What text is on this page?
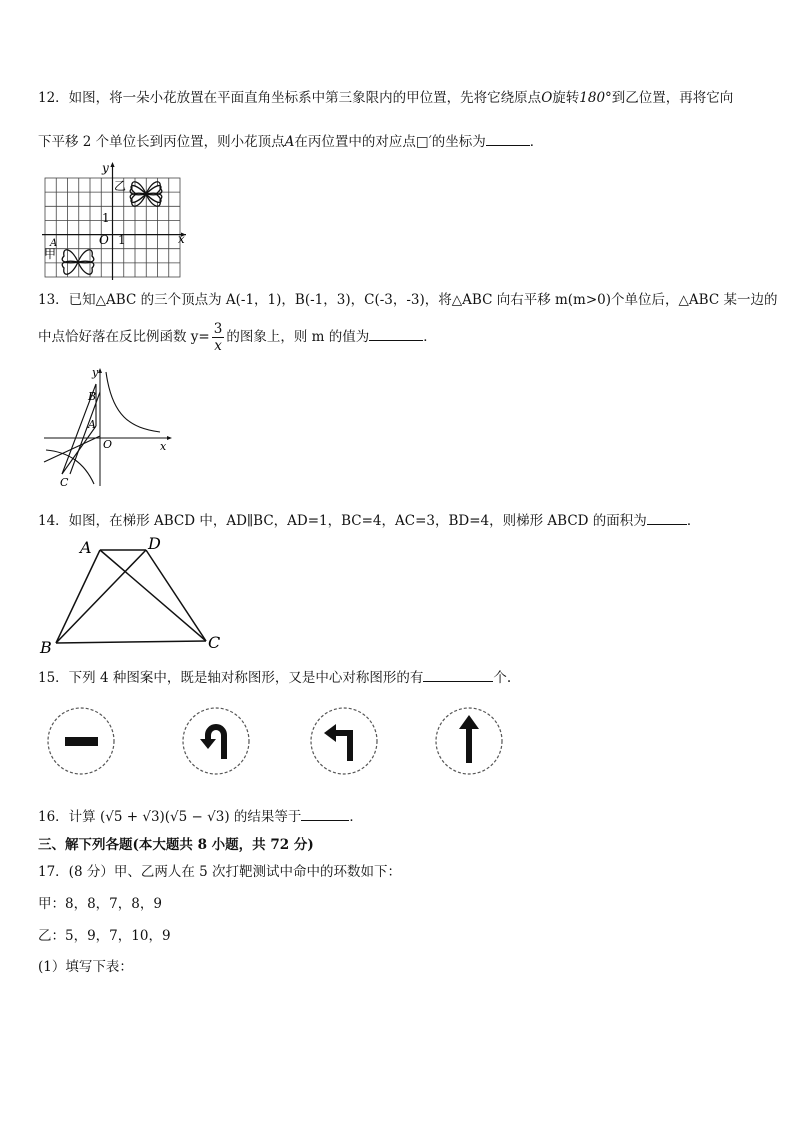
12．如图，将一朵小花放置在平面直角坐标系中第三象限内的甲位置，先将它绕原点O旋转180°到乙位置，再将它向
下平移 2 个单位长到丙位置，则小花顶点A在丙位置中的对应点□′的坐标为	．
y
x
O
1
1
乙
甲
A
13．已知△ABC 的三个顶点为 A(-1，1)，B(-1，3)，C(-3，-3)，将△ABC 向右平移 m(m>0)个单位后，△ABC 某一边的
中点恰好落在反比例函数 $y= \frac{3}{x}$ 的图象上，则 m 的值为	．
y
x
O
B
A
C
14．如图，在梯形 ABCD 中，AD∥BC，AD=1，BC=4，AC=3，BD=4，则梯形 ABCD 的面积为	．
A	D
B	C
15．下列 4 种图案中，既是轴对称图形，又是中心对称图形的有	个.
16．计算 (√5 + √3)(√5 − √3) 的结果等于	．
三、解下列各题(本大题共 8 小题，共 72 分)
17．(8 分）甲、乙两人在 5 次打靶测试中命中的环数如下：
甲：8，8，7，8，9
乙：5，9，7，10，9
(1）填写下表：
